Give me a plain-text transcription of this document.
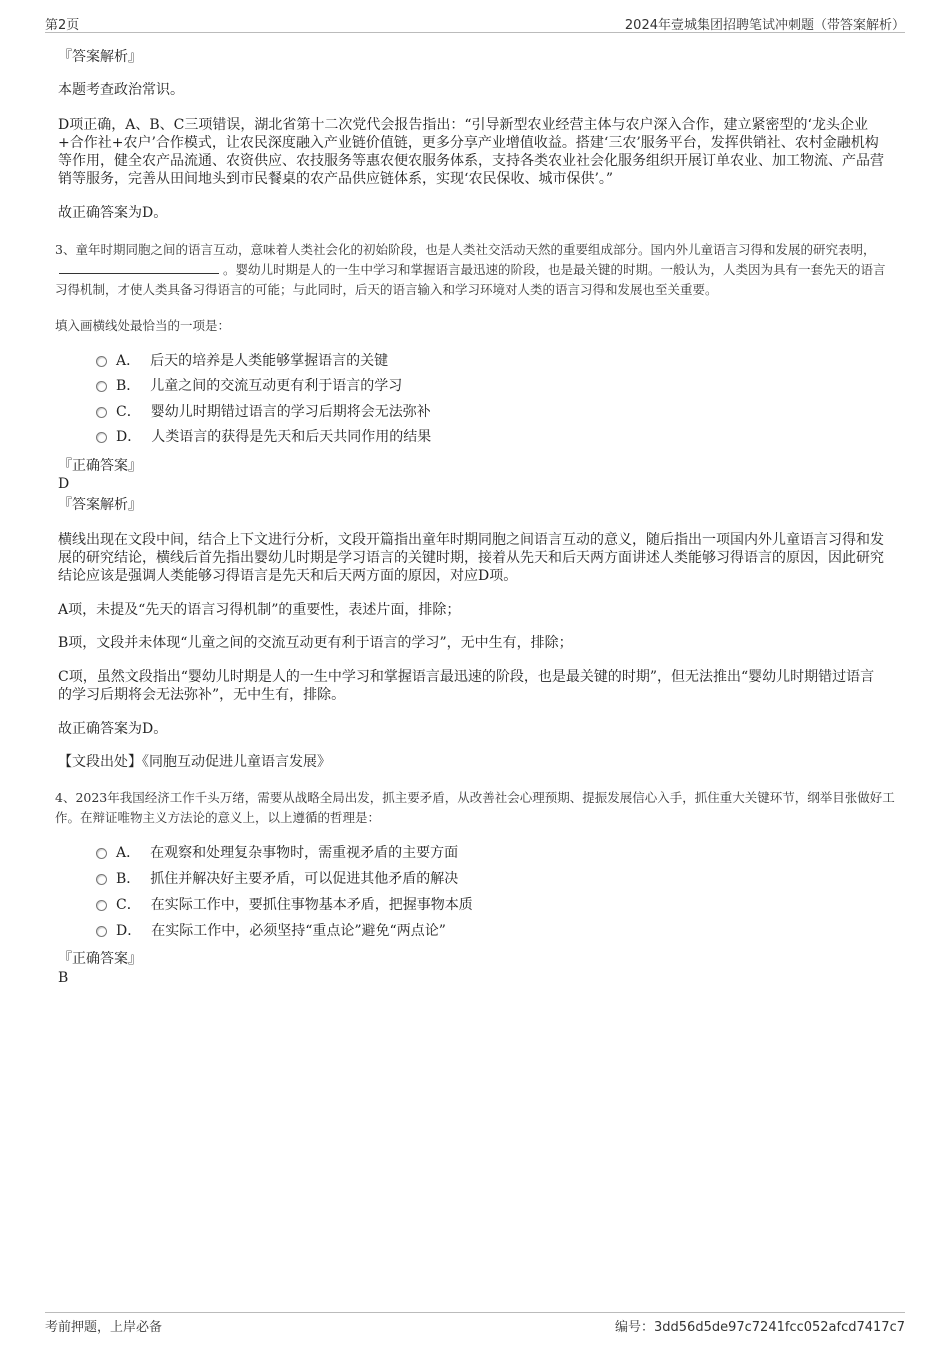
第2页	2024年壹城集团招聘笔试冲刺题（带答案解析）
『答案解析』
本题考查政治常识。
D项正确，A、B、C三项错误，湖北省第十二次党代会报告指出：“引导新型农业经营主体与农户深入合作，建立紧密型的‘龙头企业+合作社+农户’合作模式，让农民深度融入产业链价值链，更多分享产业增值收益。搭建‘三农’服务平台，发挥供销社、农村金融机构等作用，健全农产品流通、农资供应、农技服务等惠农便农服务体系，支持各类农业社会化服务组织开展订单农业、加工物流、产品营销等服务，完善从田间地头到市民餐桌的农产品供应链体系，实现‘农民保收、城市保供’。”
故正确答案为D。
3、童年时期同胞之间的语言互动，意味着人类社会化的初始阶段，也是人类社交活动天然的重要组成部分。国内外儿童语言习得和发展的研究表明，。婴幼儿时期是人的一生中学习和掌握语言最迅速的阶段，也是最关键的时期。一般认为，人类因为具有一套先天的语言习得机制，才使人类具备习得语言的可能；与此同时，后天的语言输入和学习环境对人类的语言习得和发展也至关重要。
填入画横线处最恰当的一项是：
A． 后天的培养是人类能够掌握语言的关键
B． 儿童之间的交流互动更有利于语言的学习
C． 婴幼儿时期错过语言的学习后期将会无法弥补
D． 人类语言的获得是先天和后天共同作用的结果
『正确答案』
D
『答案解析』
横线出现在文段中间，结合上下文进行分析，文段开篇指出童年时期同胞之间语言互动的意义，随后指出一项国内外儿童语言习得和发展的研究结论，横线后首先指出婴幼儿时期是学习语言的关键时期，接着从先天和后天两方面讲述人类能够习得语言的原因，因此研究结论应该是强调人类能够习得语言是先天和后天两方面的原因，对应D项。
A项，未提及“先天的语言习得机制”的重要性，表述片面，排除；
B项，文段并未体现“儿童之间的交流互动更有利于语言的学习”，无中生有，排除；
C项，虽然文段指出“婴幼儿时期是人的一生中学习和掌握语言最迅速的阶段，也是最关键的时期”，但无法推出“婴幼儿时期错过语言的学习后期将会无法弥补”，无中生有，排除。
故正确答案为D。
【文段出处】《同胞互动促进儿童语言发展》
4、2023年我国经济工作千头万绪，需要从战略全局出发，抓主要矛盾，从改善社会心理预期、提振发展信心入手，抓住重大关键环节，纲举目张做好工作。在辩证唯物主义方法论的意义上，以上遵循的哲理是：
A． 在观察和处理复杂事物时，需重视矛盾的主要方面
B． 抓住并解决好主要矛盾，可以促进其他矛盾的解决
C． 在实际工作中，要抓住事物基本矛盾，把握事物本质
D． 在实际工作中，必须坚持“重点论”避免“两点论”
『正确答案』
B
考前押题，上岸必备	编号：3dd56d5de97c7241fcc052afcd7417c7
